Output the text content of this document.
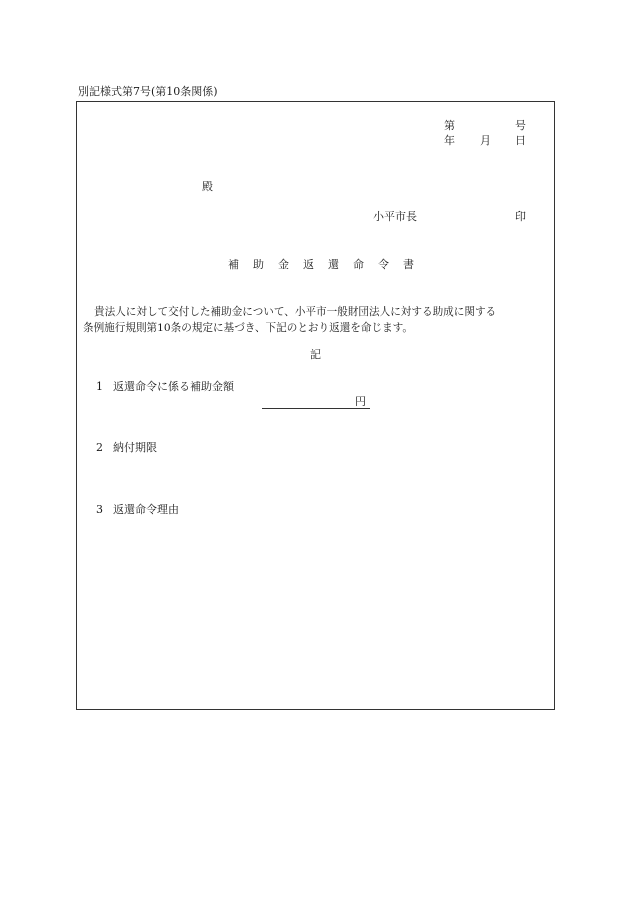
別記様式第7号(第10条関係)
第	号
年 月 日
殿
小平市長	印
補助金返還命令書
貴法人に対して交付した補助金について、小平市一般財団法人に対する助成に関する
条例施行規則第10条の規定に基づき、下記のとおり返還を命じます。
記
1 返還命令に係る補助金額
円
2 納付期限
3 返還命令理由
